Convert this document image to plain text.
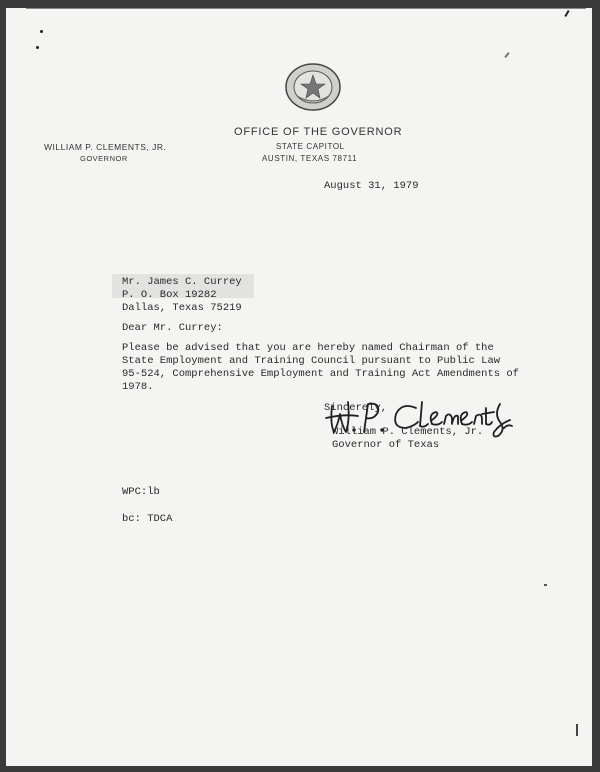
OFFICE OF THE GOVERNOR
STATE CAPITOL
AUSTIN, TEXAS 78711
WILLIAM P. CLEMENTS, JR.
GOVERNOR
August 31, 1979
Mr. James C. Currey
P. O. Box 19282
Dallas, Texas 75219
Dear Mr. Currey:
Please be advised that you are hereby named Chairman of the
State Employment and Training Council pursuant to Public Law
95-524, Comprehensive Employment and Training Act Amendments of
1978.
Sincerely,
William P. Clements, Jr.
Governor of Texas
WPC:lb
bc: TDCA
